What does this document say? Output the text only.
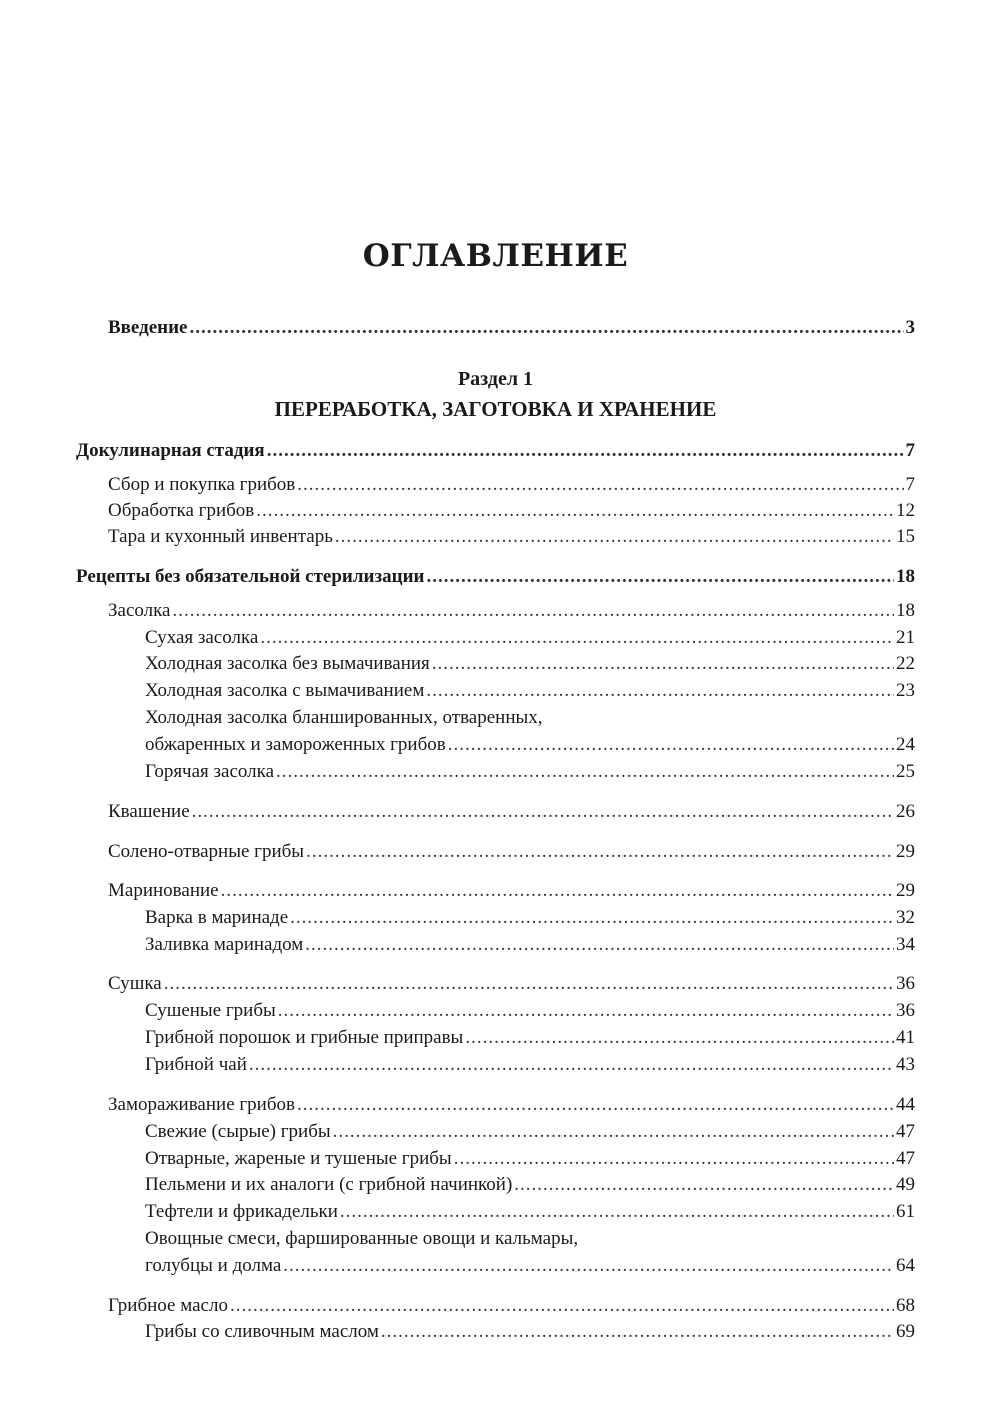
ОГЛАВЛЕНИЕ
Введение .....	3
Раздел 1
ПЕРЕРАБОТКА, ЗАГОТОВКА И ХРАНЕНИЕ
Докулинарная стадия .....	7
Сбор и покупка грибов .....	7
Обработка грибов .....	12
Тара и кухонный инвентарь .....	15
Рецепты без обязательной стерилизации .....	18
Засолка .....	18
Сухая засолка .....	21
Холодная засолка без вымачивания .....	22
Холодная засолка с вымачиванием .....	23
Холодная засолка бланшированных, отваренных,
обжаренных и замороженных грибов .....	24
Горячая засолка .....	25
Квашение .....	26
Солено-отварные грибы .....	29
Маринование .....	29
Варка в маринаде .....	32
Заливка маринадом .....	34
Сушка .....	36
Сушеные грибы .....	36
Грибной порошок и грибные приправы .....	41
Грибной чай .....	43
Замораживание грибов .....	44
Свежие (сырые) грибы .....	47
Отварные, жареные и тушеные грибы .....	47
Пельмени и их аналоги (с грибной начинкой) .....	49
Тефтели и фрикадельки .....	61
Овощные смеси, фаршированные овощи и кальмары,
голубцы и долма .....	64
Грибное масло .....	68
Грибы со сливочным маслом .....	69
